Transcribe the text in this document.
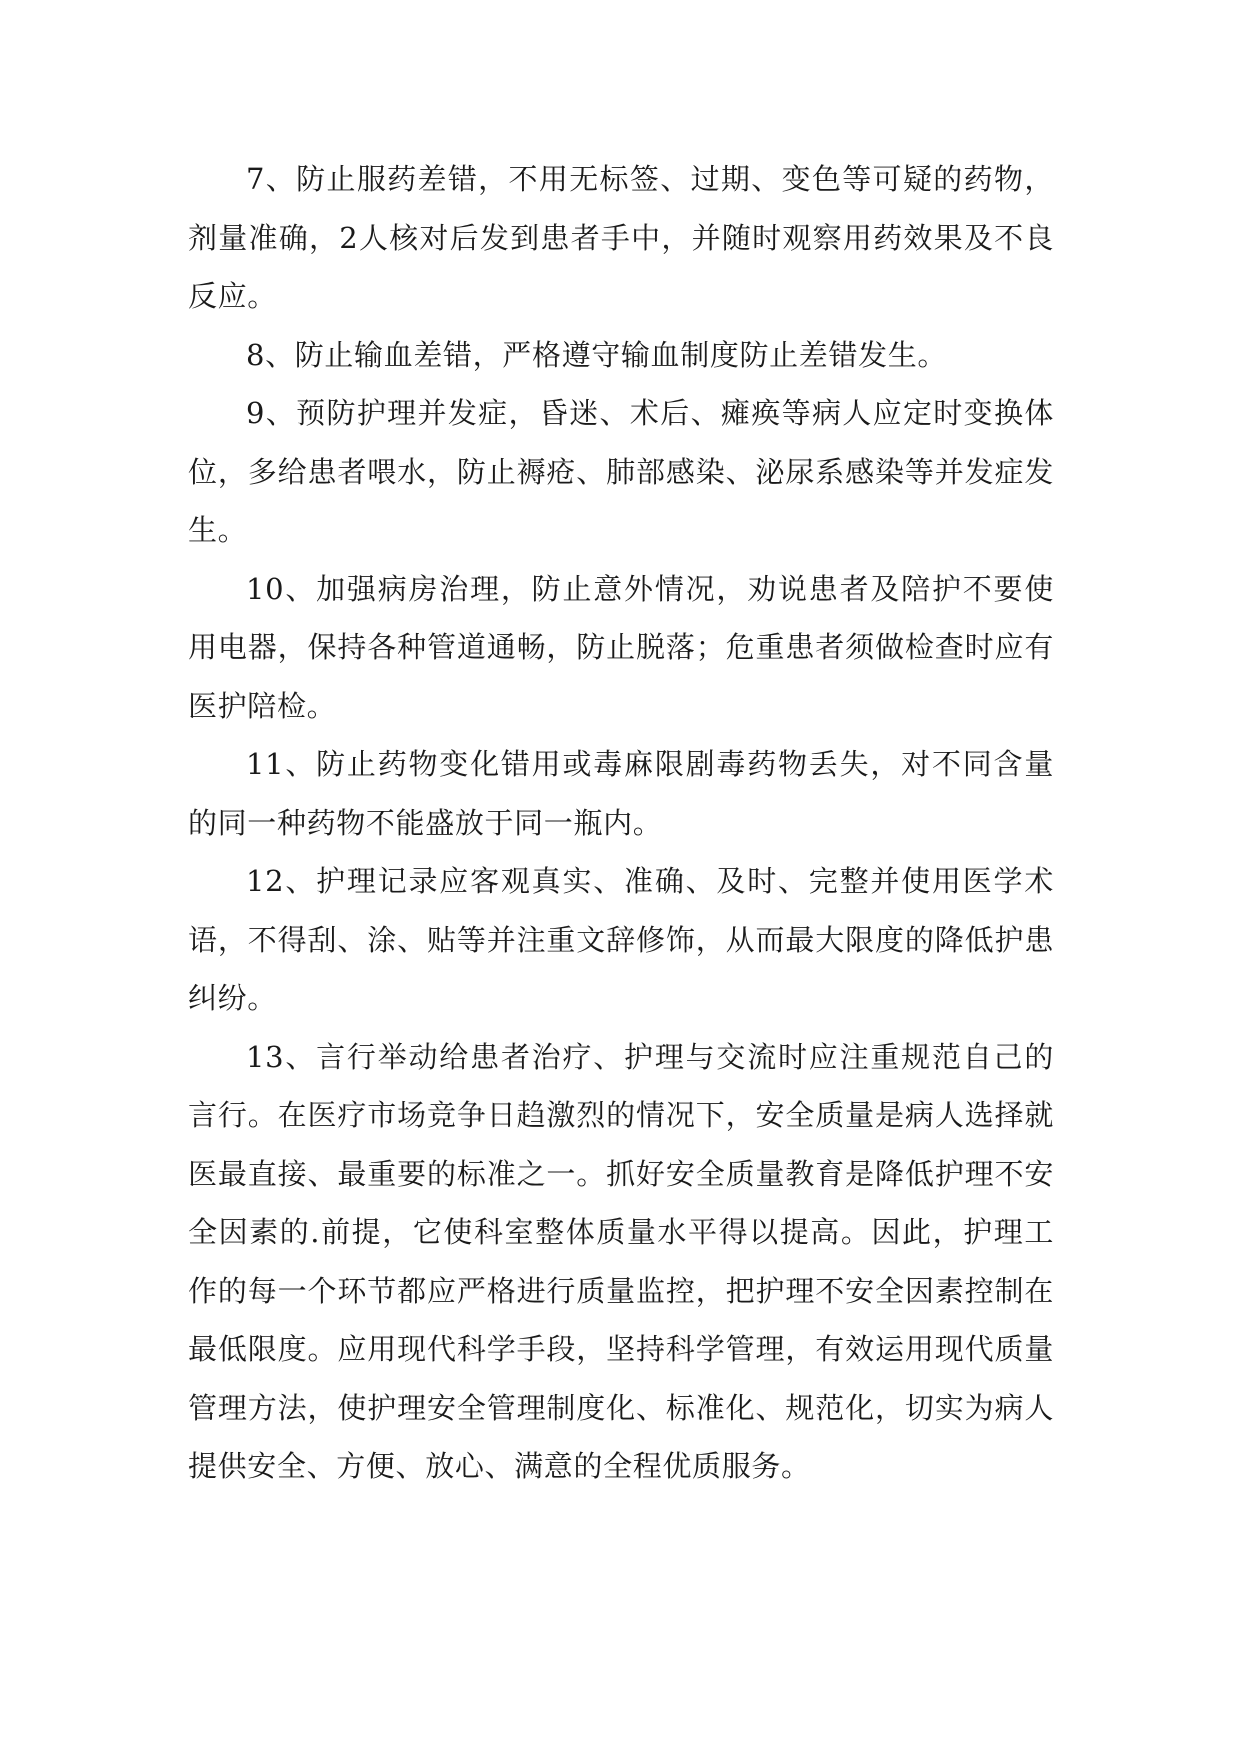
7、防止服药差错，不用无标签、过期、变色等可疑的药物，剂量准确，2人核对后发到患者手中，并随时观察用药效果及不良反应。

8、防止输血差错，严格遵守输血制度防止差错发生。

9、预防护理并发症，昏迷、术后、瘫痪等病人应定时变换体位，多给患者喂水，防止褥疮、肺部感染、泌尿系感染等并发症发生。

10、加强病房治理，防止意外情况，劝说患者及陪护不要使用电器，保持各种管道通畅，防止脱落；危重患者须做检查时应有医护陪检。

11、防止药物变化错用或毒麻限剧毒药物丢失，对不同含量的同一种药物不能盛放于同一瓶内。

12、护理记录应客观真实、准确、及时、完整并使用医学术语，不得刮、涂、贴等并注重文辞修饰，从而最大限度的降低护患纠纷。

13、言行举动给患者治疗、护理与交流时应注重规范自己的言行。在医疗市场竞争日趋激烈的情况下，安全质量是病人选择就医最直接、最重要的标准之一。抓好安全质量教育是降低护理不安全因素的.前提，它使科室整体质量水平得以提高。因此，护理工作的每一个环节都应严格进行质量监控，把护理不安全因素控制在最低限度。应用现代科学手段，坚持科学管理，有效运用现代质量管理方法，使护理安全管理制度化、标准化、规范化，切实为病人提供安全、方便、放心、满意的全程优质服务。
